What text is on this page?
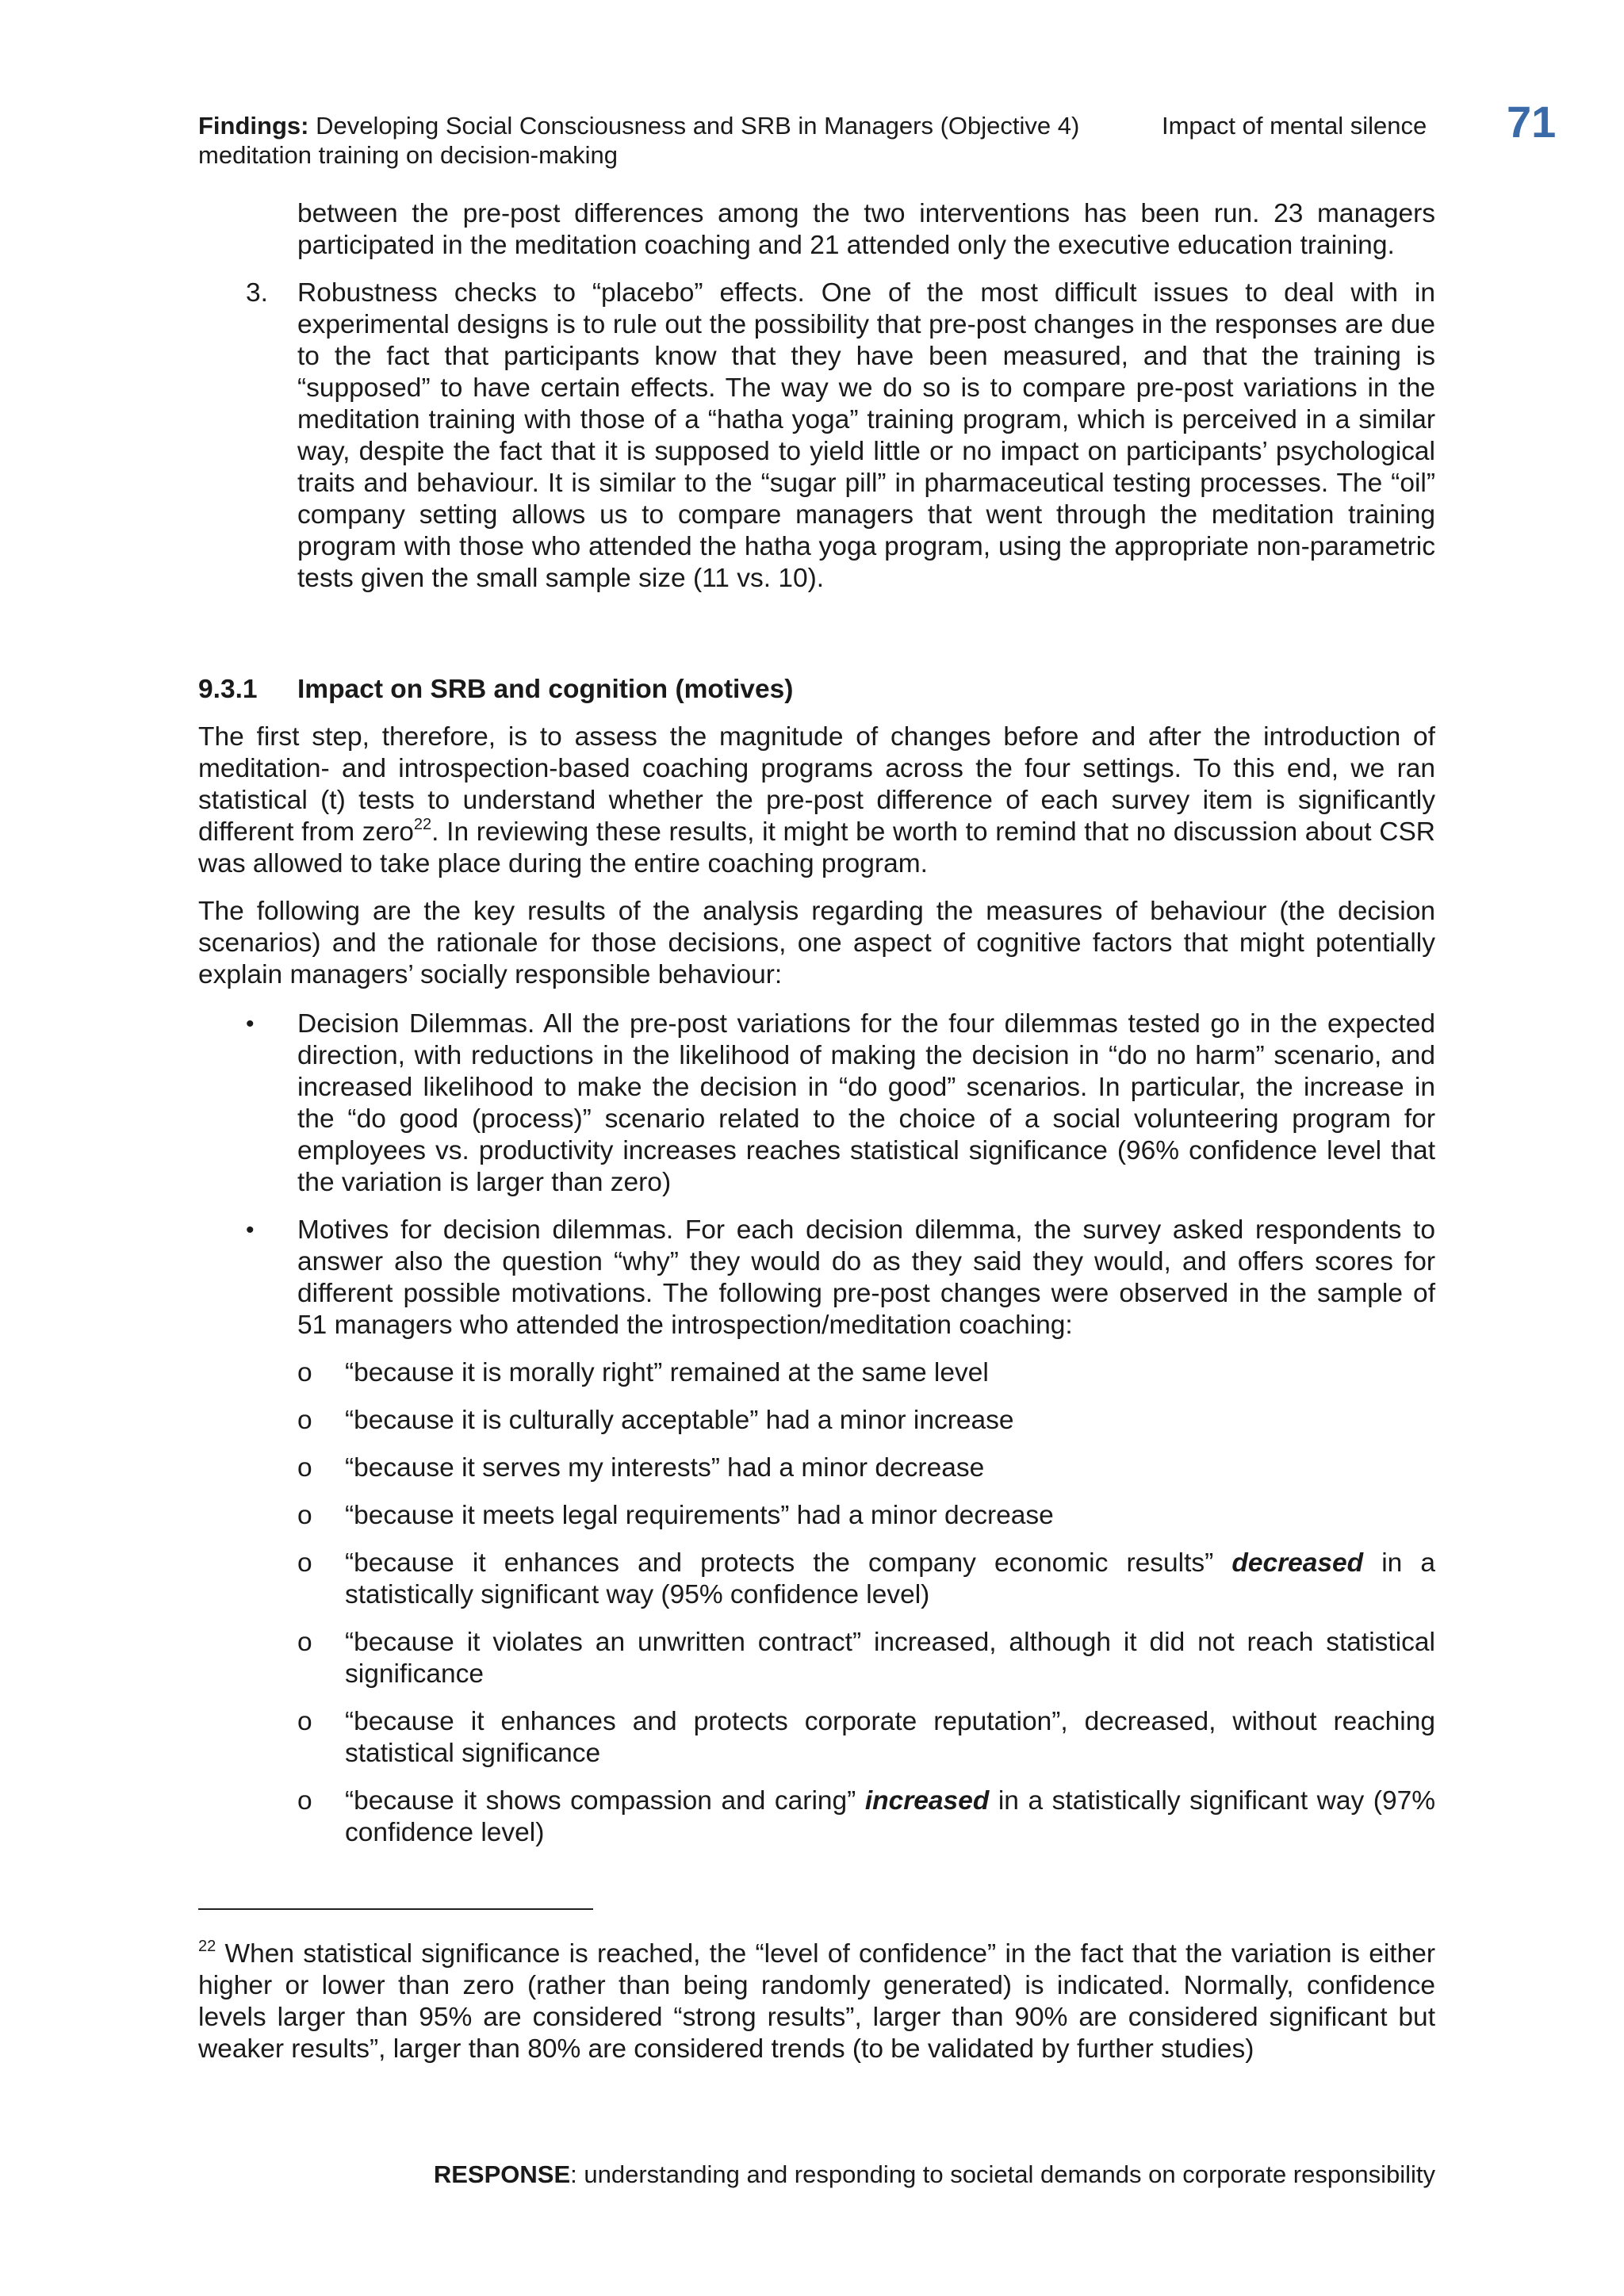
Findings: Developing Social Consciousness and SRB in Managers (Objective 4)	Impact of mental silence
meditation training on decision-making
71
between the pre-post differences among the two interventions has been run. 23 managers participated in the meditation coaching and 21 attended only the executive education training.
3. Robustness checks to “placebo” effects. One of the most difficult issues to deal with in experimental designs is to rule out the possibility that pre-post changes in the responses are due to the fact that participants know that they have been measured, and that the training is “supposed” to have certain effects. The way we do so is to compare pre-post variations in the meditation training with those of a “hatha yoga” training program, which is perceived in a similar way, despite the fact that it is supposed to yield little or no impact on participants’ psychological traits and behaviour. It is similar to the “sugar pill” in pharmaceutical testing processes. The “oil” company setting allows us to compare managers that went through the meditation training program with those who attended the hatha yoga program, using the appropriate non-parametric tests given the small sample size (11 vs. 10).
9.3.1 Impact on SRB and cognition (motives)
The first step, therefore, is to assess the magnitude of changes before and after the introduction of meditation- and introspection-based coaching programs across the four settings. To this end, we ran statistical (t) tests to understand whether the pre-post difference of each survey item is significantly different from zero$^{22}$. In reviewing these results, it might be worth to remind that no discussion about CSR was allowed to take place during the entire coaching program.
The following are the key results of the analysis regarding the measures of behaviour (the decision scenarios) and the rationale for those decisions, one aspect of cognitive factors that might potentially explain managers’ socially responsible behaviour:
• Decision Dilemmas. All the pre-post variations for the four dilemmas tested go in the expected direction, with reductions in the likelihood of making the decision in “do no harm” scenario, and increased likelihood to make the decision in “do good” scenarios. In particular, the increase in the “do good (process)” scenario related to the choice of a social volunteering program for employees vs. productivity increases reaches statistical significance (96% confidence level that the variation is larger than zero)
• Motives for decision dilemmas. For each decision dilemma, the survey asked respondents to answer also the question “why” they would do as they said they would, and offers scores for different possible motivations. The following pre-post changes were observed in the sample of 51 managers who attended the introspection/meditation coaching:
o “because it is morally right” remained at the same level
o “because it is culturally acceptable” had a minor increase
o “because it serves my interests” had a minor decrease
o “because it meets legal requirements” had a minor decrease
o “because it enhances and protects the company economic results” decreased in a statistically significant way (95% confidence level)
o “because it violates an unwritten contract” increased, although it did not reach statistical significance
o “because it enhances and protects corporate reputation”, decreased, without reaching statistical significance
o “because it shows compassion and caring” increased in a statistically significant way (97% confidence level)
$^{22}$ When statistical significance is reached, the “level of confidence” in the fact that the variation is either higher or lower than zero (rather than being randomly generated) is indicated. Normally, confidence levels larger than 95% are considered “strong results”, larger than 90% are considered significant but weaker results”, larger than 80% are considered trends (to be validated by further studies)
RESPONSE: understanding and responding to societal demands on corporate responsibility
